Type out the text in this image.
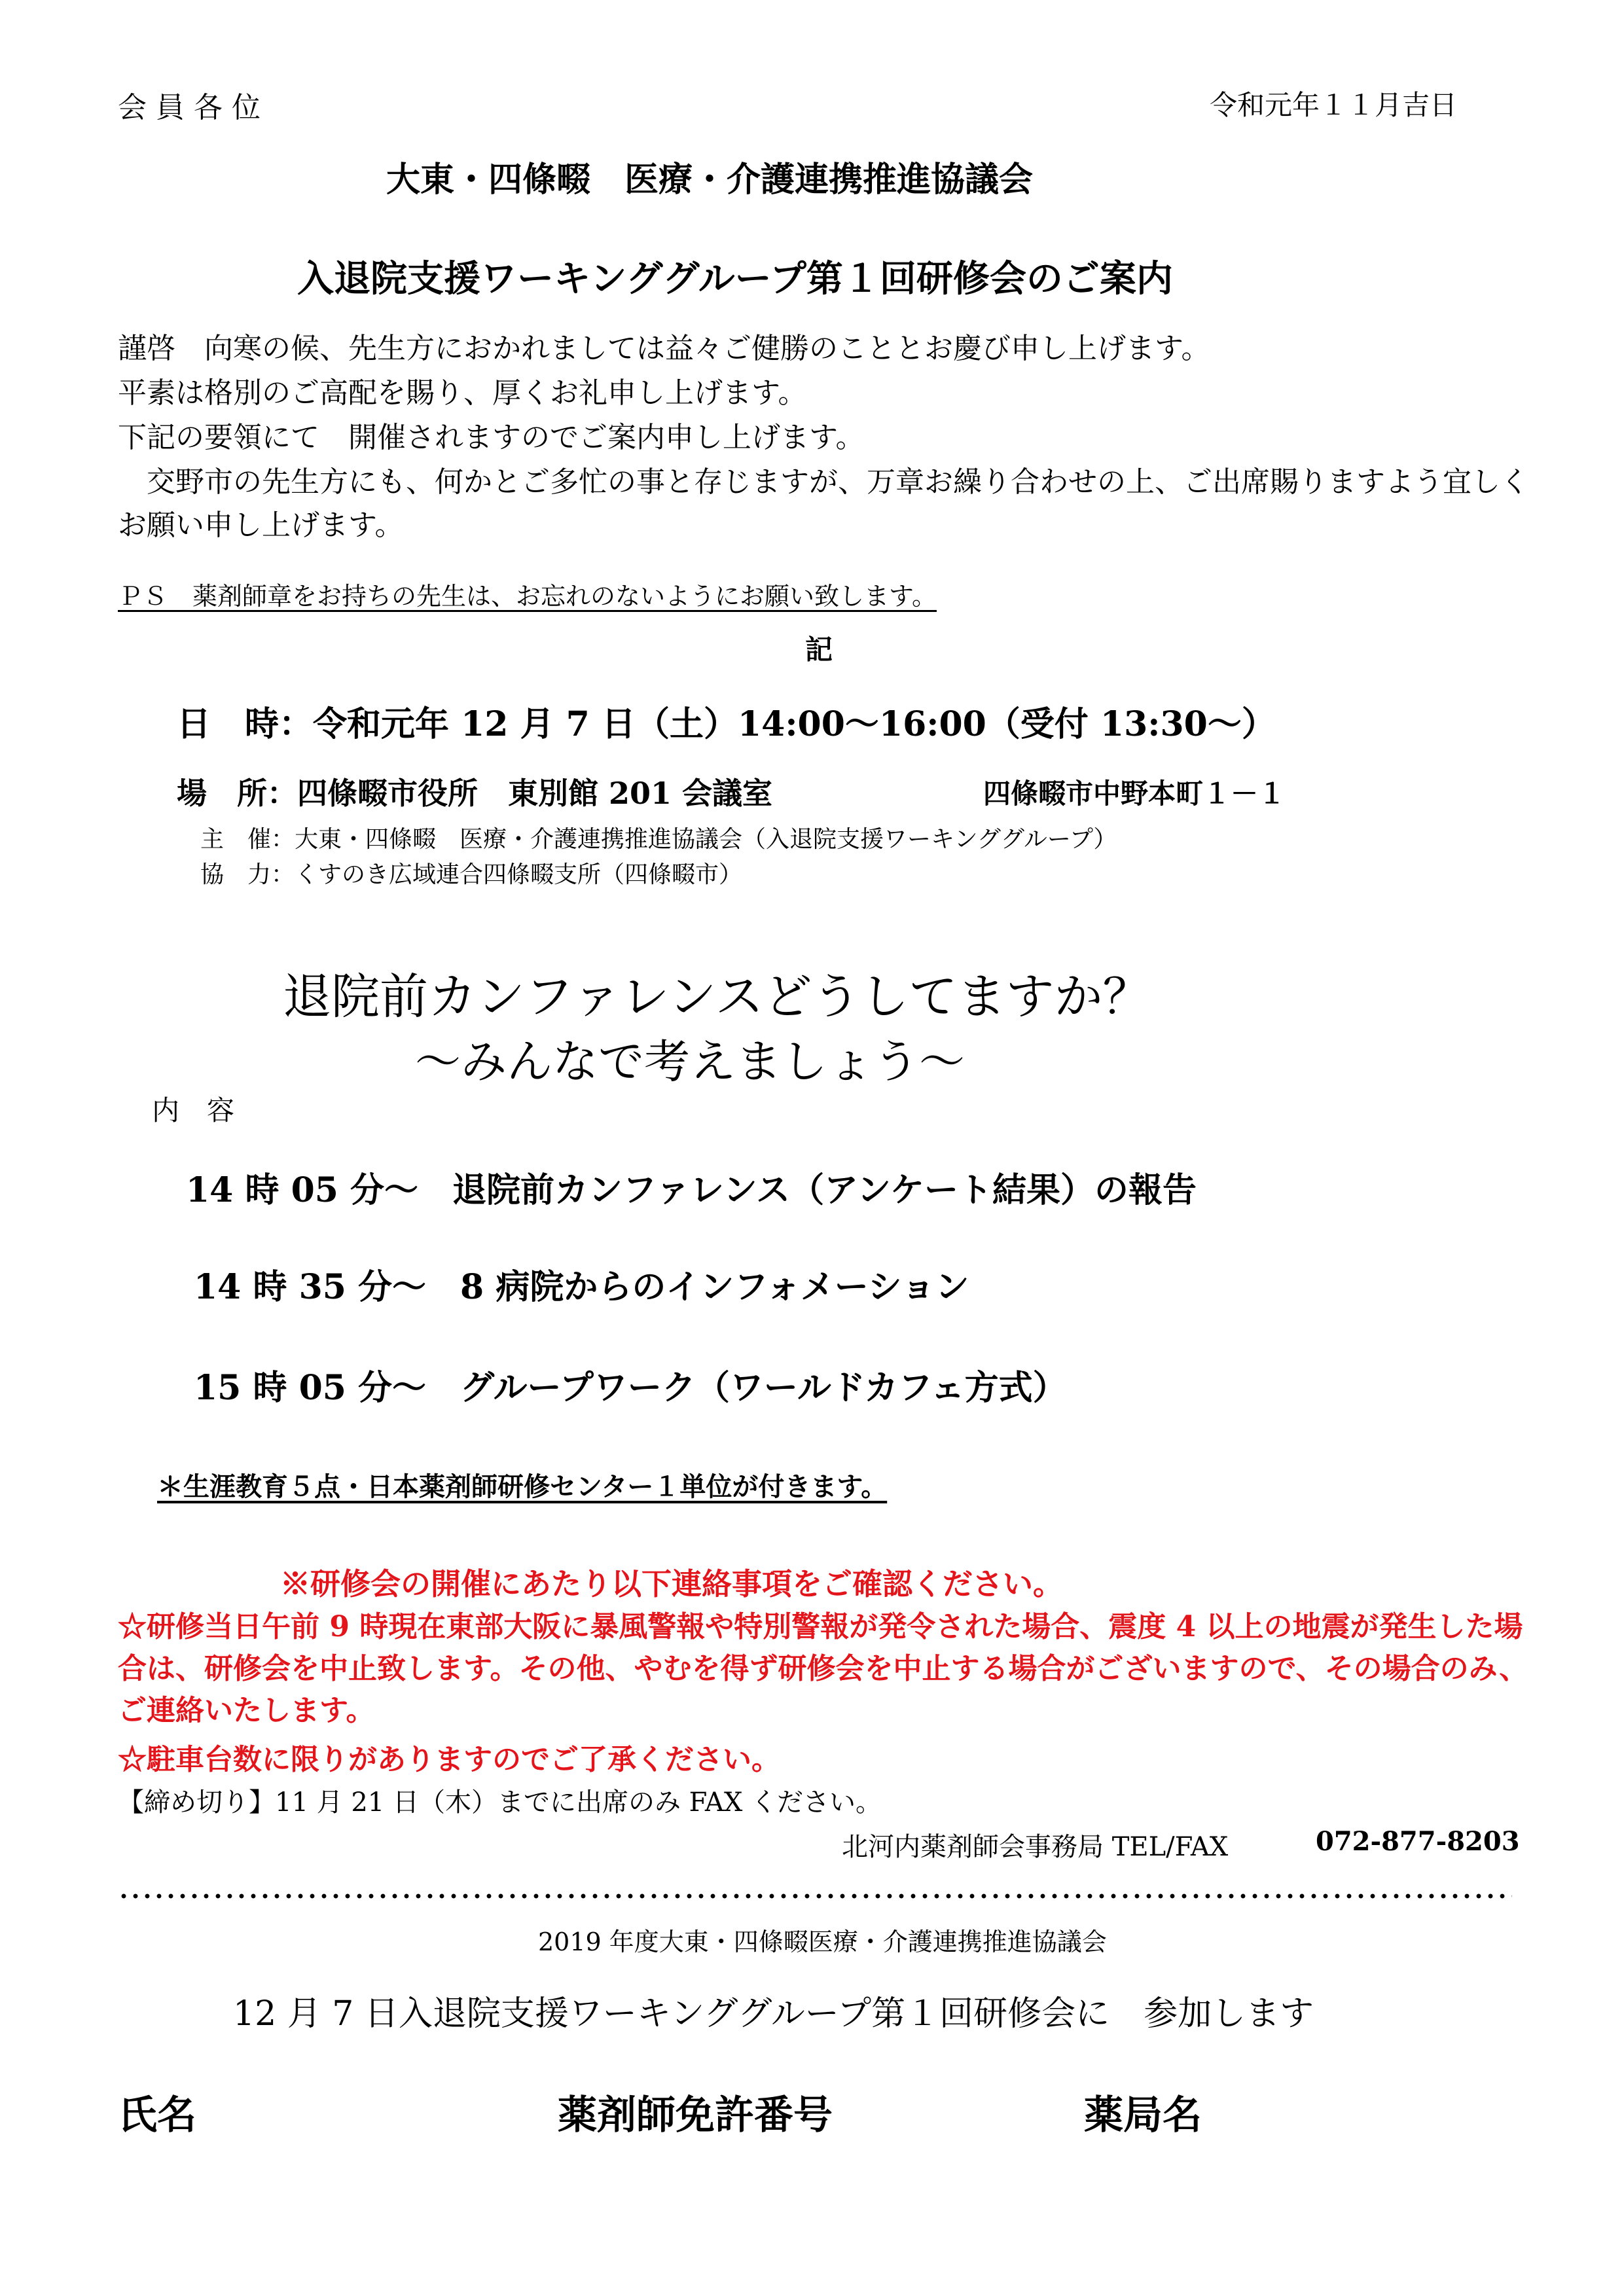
会 員 各 位	令和元年１１月吉日
大東・四條畷　医療・介護連携推進協議会
入退院支援ワーキンググループ第１回研修会のご案内
謹啓　向寒の候、先生方におかれましては益々ご健勝のこととお慶び申し上げます。
平素は格別のご高配を賜り、厚くお礼申し上げます。
下記の要領にて　開催されますのでご案内申し上げます。
　交野市の先生方にも、何かとご多忙の事と存じますが、万章お繰り合わせの上、ご出席賜りますよう宜しくお願い申し上げます。
ＰＳ　薬剤師章をお持ちの先生は、お忘れのないようにお願い致します。
記
日　時：令和元年 12 月 7 日（土）14:00～16:00（受付 13:30～）
場　所：四條畷市役所　東別館 201 会議室	四條畷市中野本町１－１
主　催：大東・四條畷　医療・介護連携推進協議会（入退院支援ワーキンググループ）
協　力：くすのき広域連合四條畷支所（四條畷市）
退院前カンファレンスどうしてますか？
～みんなで考えましょう～
内　容
14 時 05 分～　退院前カンファレンス（アンケート結果）の報告
14 時 35 分～　8 病院からのインフォメーション
15 時 05 分～　グループワーク（ワールドカフェ方式）
＊生涯教育５点・日本薬剤師研修センター１単位が付きます。
※研修会の開催にあたり以下連絡事項をご確認ください。
☆研修当日午前 9 時現在東部大阪に暴風警報や特別警報が発令された場合、震度 4 以上の地震が発生した場合は、研修会を中止致します。その他、やむを得ず研修会を中止する場合がございますので、その場合のみ、ご連絡いたします。
☆駐車台数に限りがありますのでご了承ください。
【締め切り】11 月 21 日（木）までに出席のみ FAX ください。
北河内薬剤師会事務局 TEL/FAX	072-877-8203
2019 年度大東・四條畷医療・介護連携推進協議会
12 月 7 日入退院支援ワーキンググループ第１回研修会に　参加します
氏名	薬剤師免許番号	薬局名
